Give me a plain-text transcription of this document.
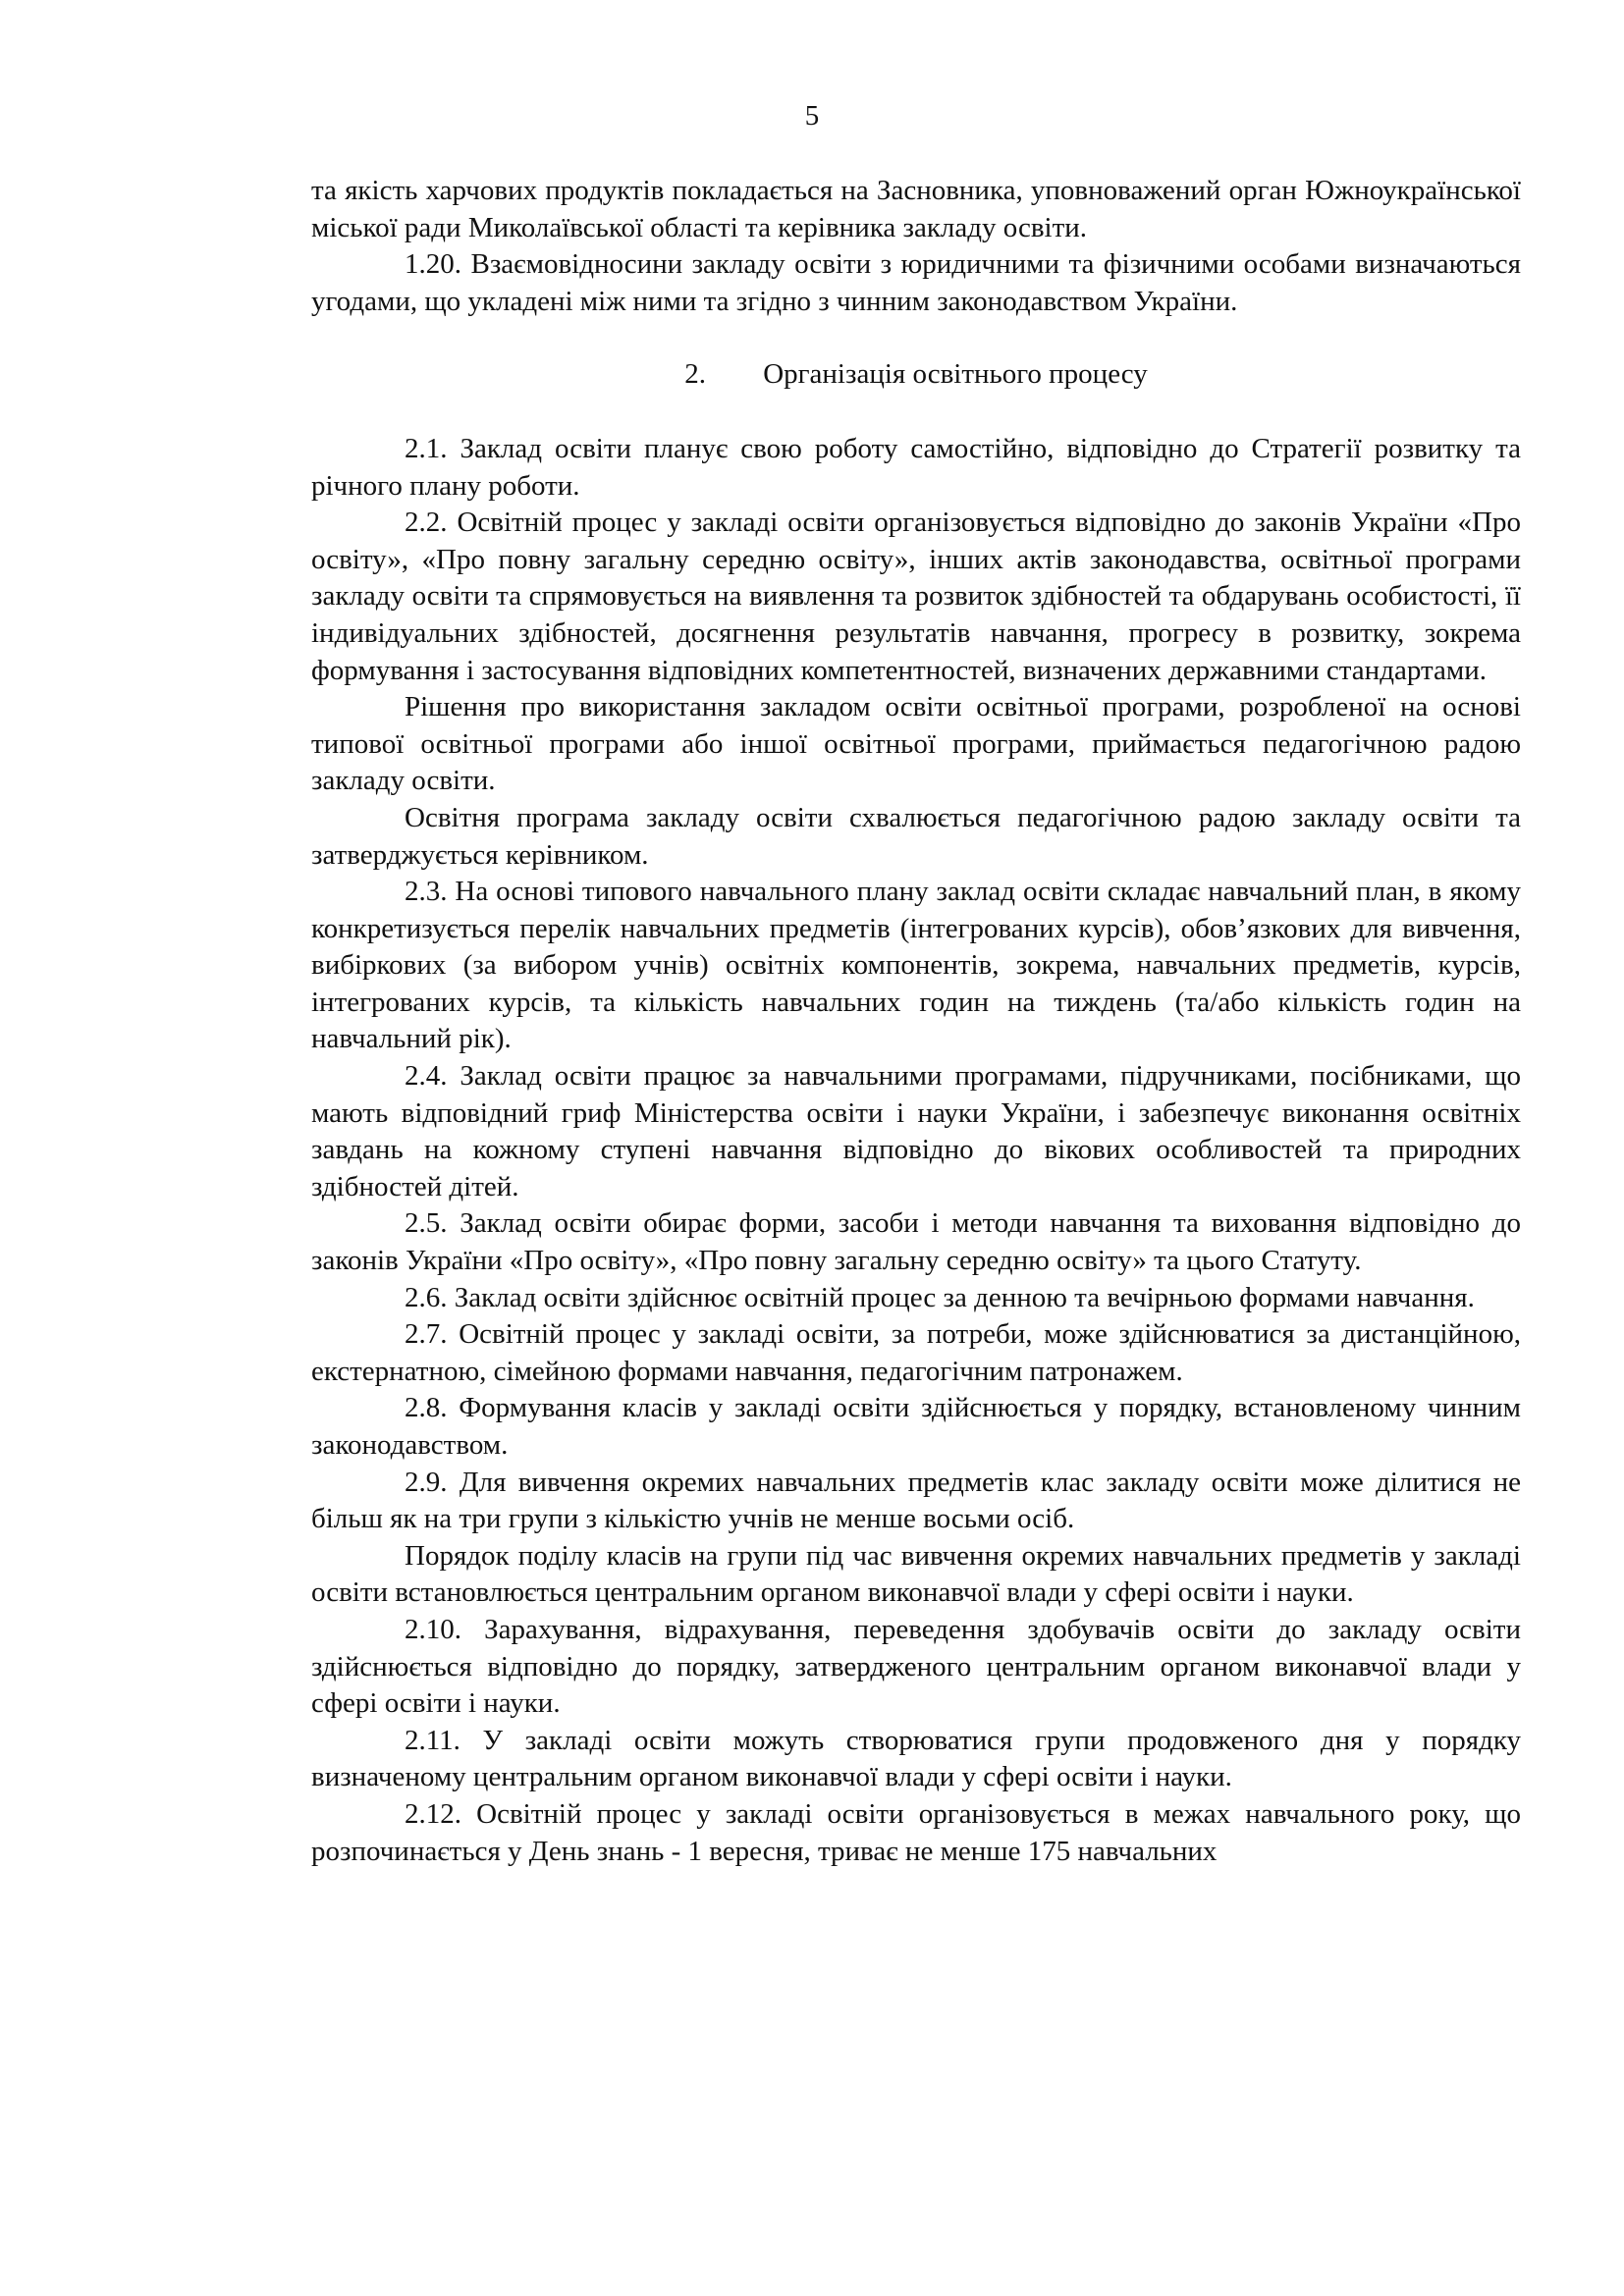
5

та якість харчових продуктів покладається на Засновника, уповноважений орган Южноукраїнської міської ради Миколаївської області та керівника закладу освіти.

1.20. Взаємовідносини закладу освіти з юридичними та фізичними особами визначаються угодами, що укладені між ними та згідно з чинним законодавством України.

2. Організація освітнього процесу

2.1. Заклад освіти планує свою роботу самостійно, відповідно до Стратегії розвитку та річного плану роботи.

2.2. Освітній процес у закладі освіти організовується відповідно до законів України «Про освіту», «Про повну загальну середню освіту», інших актів законодавства, освітньої програми закладу освіти та спрямовується на виявлення та розвиток здібностей та обдарувань особистості, її індивідуальних здібностей, досягнення результатів навчання, прогресу в розвитку, зокрема формування і застосування відповідних компетентностей, визначених державними стандартами.

Рішення про використання закладом освіти освітньої програми, розробленої на основі типової освітньої програми або іншої освітньої програми, приймається педагогічною радою закладу освіти.

Освітня програма закладу освіти схвалюється педагогічною радою закладу освіти та затверджується керівником.

2.3. На основі типового навчального плану заклад освіти складає навчальний план, в якому конкретизується перелік навчальних предметів (інтегрованих курсів), обов’язкових для вивчення, вибіркових (за вибором учнів) освітніх компонентів, зокрема, навчальних предметів, курсів, інтегрованих курсів, та кількість навчальних годин на тиждень (та/або кількість годин на навчальний рік).

2.4. Заклад освіти працює за навчальними програмами, підручниками, посібниками, що мають відповідний гриф Міністерства освіти і науки України, і забезпечує виконання освітніх завдань на кожному ступені навчання відповідно до вікових особливостей та природних здібностей дітей.

2.5. Заклад освіти обирає форми, засоби і методи навчання та виховання відповідно до законів України «Про освіту», «Про повну загальну середню освіту» та цього Статуту.

2.6. Заклад освіти здійснює освітній процес за денною та вечірньою формами навчання.

2.7. Освітній процес у закладі освіти, за потреби, може здійснюватися за дистанційною, екстернатною, сімейною формами навчання, педагогічним патронажем.

2.8. Формування класів у закладі освіти здійснюється у порядку, встановленому чинним законодавством.

2.9. Для вивчення окремих навчальних предметів клас закладу освіти може ділитися не більш як на три групи з кількістю учнів не менше восьми осіб.

Порядок поділу класів на групи під час вивчення окремих навчальних предметів у закладі освіти встановлюється центральним органом виконавчої влади у сфері освіти і науки.

2.10. Зарахування, відрахування, переведення здобувачів освіти до закладу освіти здійснюється відповідно до порядку, затвердженого центральним органом виконавчої влади у сфері освіти і науки.

2.11. У закладі освіти можуть створюватися групи продовженого дня у порядку визначеному центральним органом виконавчої влади у сфері освіти і науки.

2.12. Освітній процес у закладі освіти організовується в межах навчального року, що розпочинається у День знань - 1 вересня, триває не менше 175 навчальних
